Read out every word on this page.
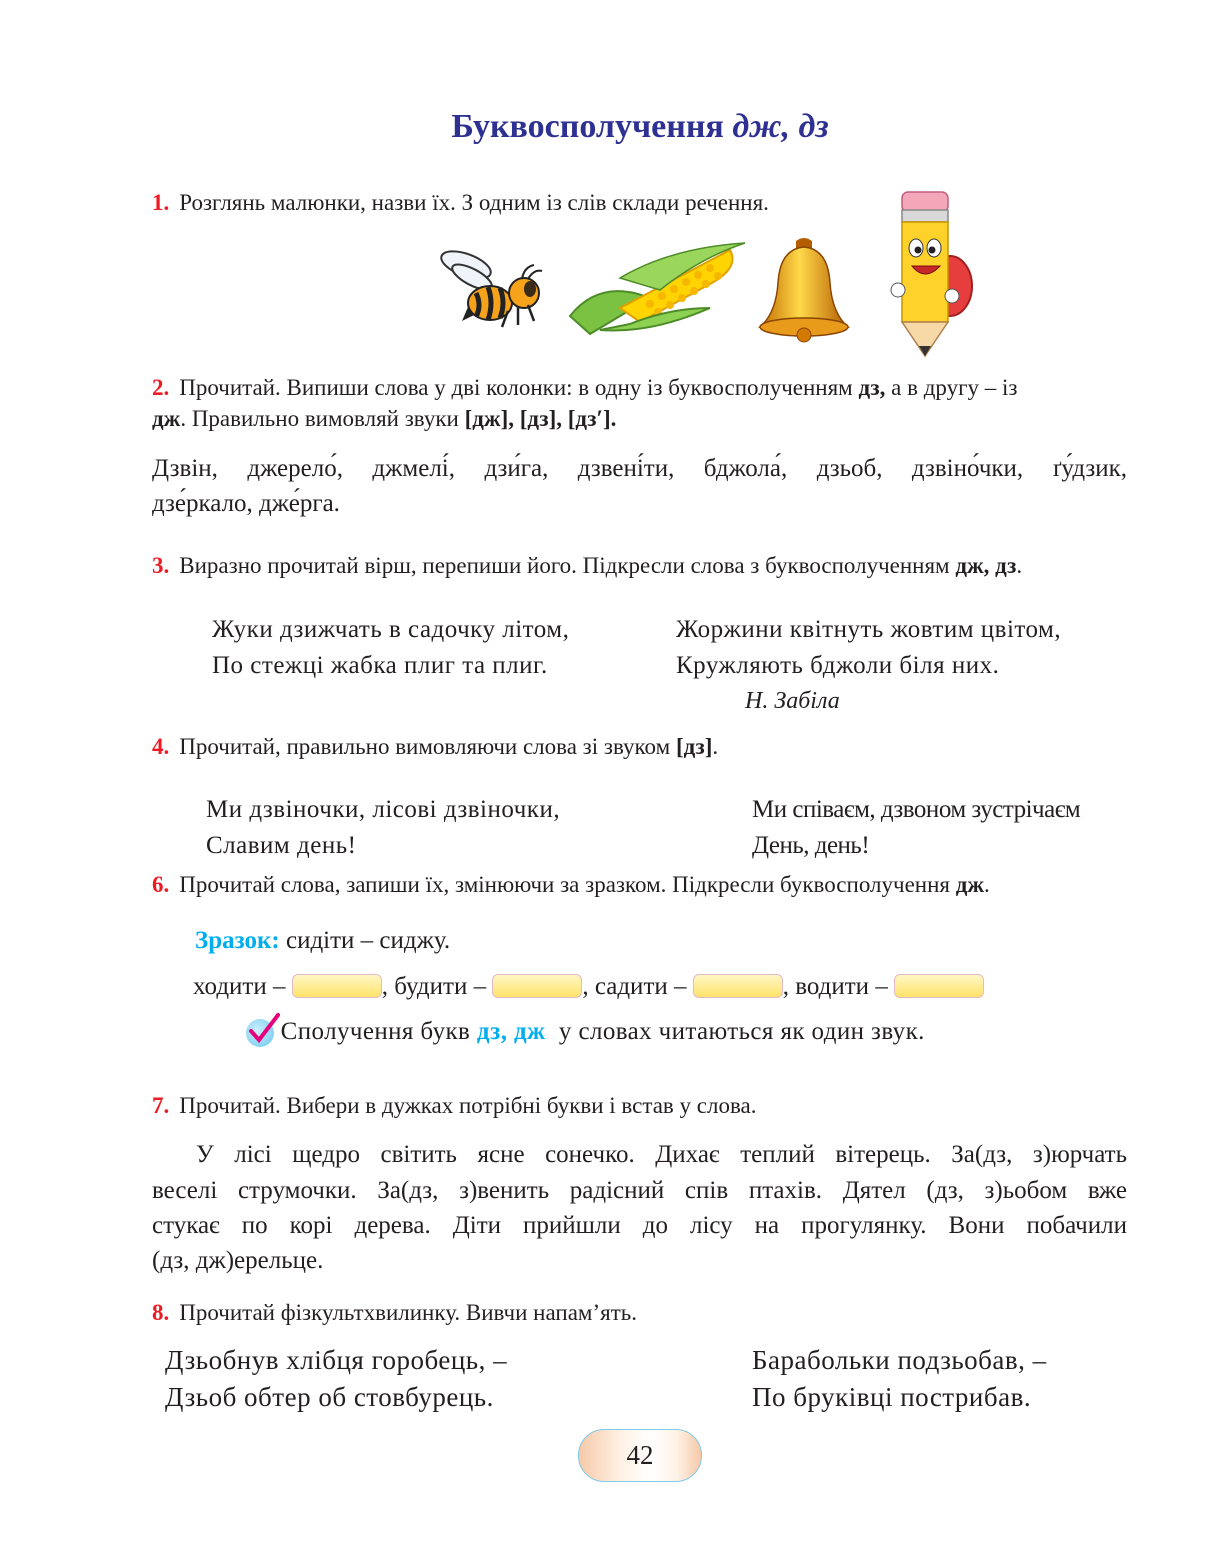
Буквосполучення дж, дз
1. Розглянь малюнки, назви їх. З одним із слів склади речення.
2. Прочитай. Випиши слова у дві колонки: в одну із буквосполученням дз, а в другу – із
дж. Правильно вимовляй звуки [дж], [дз], [дз′].
Дзвін, джерело́, джмелі́, дзи́га, дзвені́ти, бджола́, дзьоб, дзвіно́чки, ґу́дзик,
дзе́ркало, дже́рга.
3. Виразно прочитай вірш, перепиши його. Підкресли слова з буквосполученням дж, дз.
Жуки дзижчать в садочку літом,
По стежці жабка плиг та плиг.
Жоржини квітнуть жовтим цвітом,
Кружляють бджоли біля них.
Н. Забіла
4. Прочитай, правильно вимовляючи слова зі звуком [дз].
Ми дзвіночки, лісові дзвіночки,
Славим день!
Ми співаєм, дзвоном зустрічаєм
День, день!
6. Прочитай слова, запиши їх, змінюючи за зразком. Підкресли буквосполучення дж.
Зразок: сидіти – сиджу.
ходити –	, будити –	, садити –	, водити –
Сполучення букв дз, дж у словах читаються як один звук.
7. Прочитай. Вибери в дужках потрібні букви і встав у слова.
У лісі щедро світить ясне сонечко. Дихає теплий вітерець. За(дз, з)юрчать
веселі струмочки. За(дз, з)венить радісний спів птахів. Дятел (дз, з)ьобом вже
стукає по корі дерева. Діти прийшли до лісу на прогулянку. Вони побачили
(дз, дж)ерельце.
8. Прочитай фізкультхвилинку. Вивчи напам’ять.
Дзьобнув хлібця горобець, –
Дзьоб обтер об стовбурець.
Барабольки подзьобав, –
По бруківці пострибав.
42
